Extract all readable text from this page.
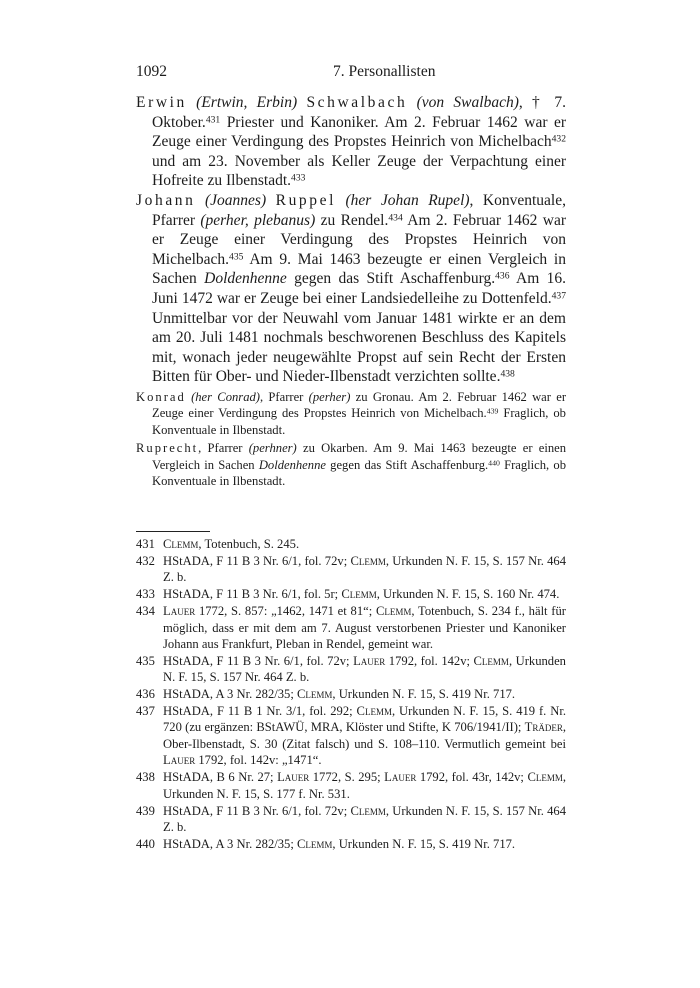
1092	7. Personallisten

Erwin (Ertwin, Erbin) Schwalbach (von Swalbach), † 7. Oktober.$^{431}$ Priester und Kanoniker. Am 2. Februar 1462 war er Zeuge einer Verdingung des Propstes Heinrich von Michelbach$^{432}$ und am 23. November als Keller Zeuge der Verpachtung einer Hofreite zu Ilbenstadt.$^{433}$

Johann (Joannes) Ruppel (her Johan Rupel), Konventuale, Pfarrer (perher, plebanus) zu Rendel.$^{434}$ Am 2. Februar 1462 war er Zeuge einer Verdingung des Propstes Heinrich von Michelbach.$^{435}$ Am 9. Mai 1463 bezeugte er einen Vergleich in Sachen Doldenhenne gegen das Stift Aschaffenburg.$^{436}$ Am 16. Juni 1472 war er Zeuge bei einer Landsiedelleihe zu Dottenfeld.$^{437}$ Unmittelbar vor der Neuwahl vom Januar 1481 wirkte er an dem am 20. Juli 1481 nochmals beschworenen Beschluss des Kapitels mit, wonach jeder neugewählte Propst auf sein Recht der Ersten Bitten für Ober- und Nieder-Ilbenstadt verzichten sollte.$^{438}$

Konrad (her Conrad), Pfarrer (perher) zu Gronau. Am 2. Februar 1462 war er Zeuge einer Verdingung des Propstes Heinrich von Michelbach.$^{439}$ Fraglich, ob Konventuale in Ilbenstadt.

Ruprecht, Pfarrer (perhner) zu Okarben. Am 9. Mai 1463 bezeugte er einen Vergleich in Sachen Doldenhenne gegen das Stift Aschaffenburg.$^{440}$ Fraglich, ob Konventuale in Ilbenstadt.

431 Clemm, Totenbuch, S. 245.
432 HStADA, F 11 B 3 Nr. 6/1, fol. 72v; Clemm, Urkunden N. F. 15, S. 157 Nr. 464 Z. b.
433 HStADA, F 11 B 3 Nr. 6/1, fol. 5r; Clemm, Urkunden N. F. 15, S. 160 Nr. 474.
434 Lauer 1772, S. 857: „1462, 1471 et 81“; Clemm, Totenbuch, S. 234 f., hält für möglich, dass er mit dem am 7. August verstorbenen Priester und Kanoniker Johann aus Frankfurt, Pleban in Rendel, gemeint war.
435 HStADA, F 11 B 3 Nr. 6/1, fol. 72v; Lauer 1792, fol. 142v; Clemm, Urkunden N. F. 15, S. 157 Nr. 464 Z. b.
436 HStADA, A 3 Nr. 282/35; Clemm, Urkunden N. F. 15, S. 419 Nr. 717.
437 HStADA, F 11 B 1 Nr. 3/1, fol. 292; Clemm, Urkunden N. F. 15, S. 419 f. Nr. 720 (zu ergänzen: BStAWÜ, MRA, Klöster und Stifte, K 706/1941/II); Träder, Ober-Ilbenstadt, S. 30 (Zitat falsch) und S. 108–110. Vermutlich gemeint bei Lauer 1792, fol. 142v: „1471“.
438 HStADA, B 6 Nr. 27; Lauer 1772, S. 295; Lauer 1792, fol. 43r, 142v; Clemm, Urkunden N. F. 15, S. 177 f. Nr. 531.
439 HStADA, F 11 B 3 Nr. 6/1, fol. 72v; Clemm, Urkunden N. F. 15, S. 157 Nr. 464 Z. b.
440 HStADA, A 3 Nr. 282/35; Clemm, Urkunden N. F. 15, S. 419 Nr. 717.
